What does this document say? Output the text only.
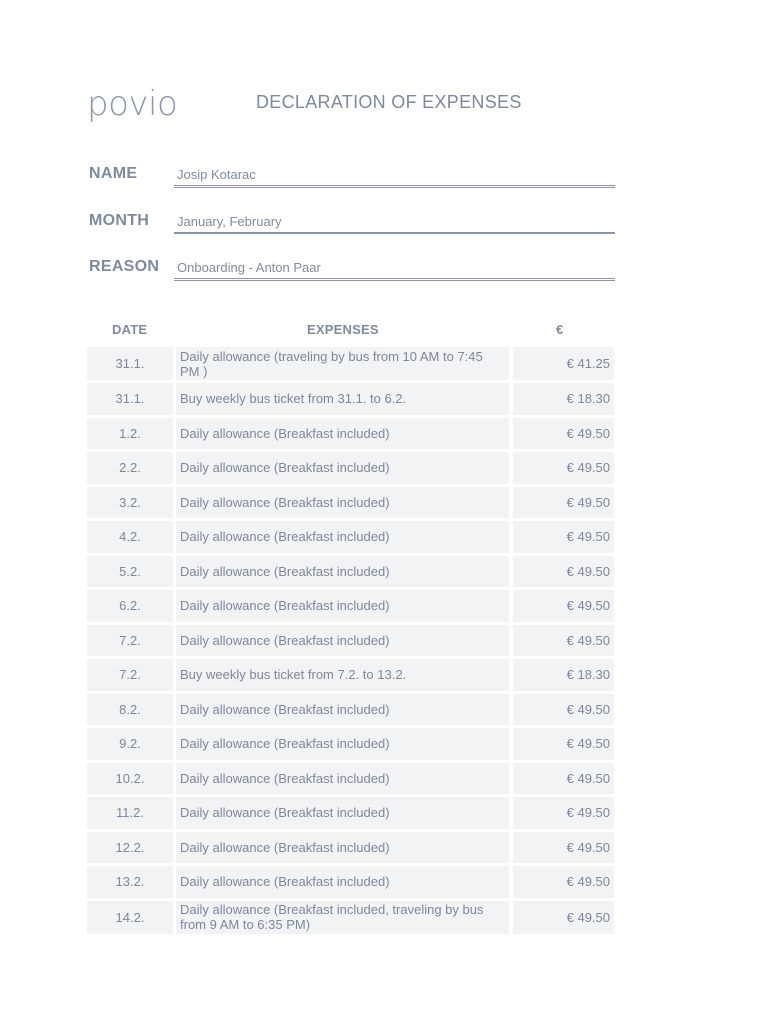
povio	DECLARATION OF EXPENSES
NAME	Josip Kotarac
MONTH January, February
REASON Onboarding - Anton Paar
DATE	EXPENSES	€
31.1.	Daily allowance (traveling by bus from 10 AM to 7:45 PM )	€ 41.25
31.1.	Buy weekly bus ticket from 31.1. to 6.2.	€ 18.30
1.2.	Daily allowance (Breakfast included)	€ 49.50
2.2.	Daily allowance (Breakfast included)	€ 49.50
3.2.	Daily allowance (Breakfast included)	€ 49.50
4.2.	Daily allowance (Breakfast included)	€ 49.50
5.2.	Daily allowance (Breakfast included)	€ 49.50
6.2.	Daily allowance (Breakfast included)	€ 49.50
7.2.	Daily allowance (Breakfast included)	€ 49.50
7.2.	Buy weekly bus ticket from 7.2. to 13.2.	€ 18.30
8.2.	Daily allowance (Breakfast included)	€ 49.50
9.2.	Daily allowance (Breakfast included)	€ 49.50
10.2.	Daily allowance (Breakfast included)	€ 49.50
11.2.	Daily allowance (Breakfast included)	€ 49.50
12.2.	Daily allowance (Breakfast included)	€ 49.50
13.2.	Daily allowance (Breakfast included)	€ 49.50
14.2.	Daily allowance (Breakfast included, traveling by bus from 9 AM to 6:35 PM)	€ 49.50
